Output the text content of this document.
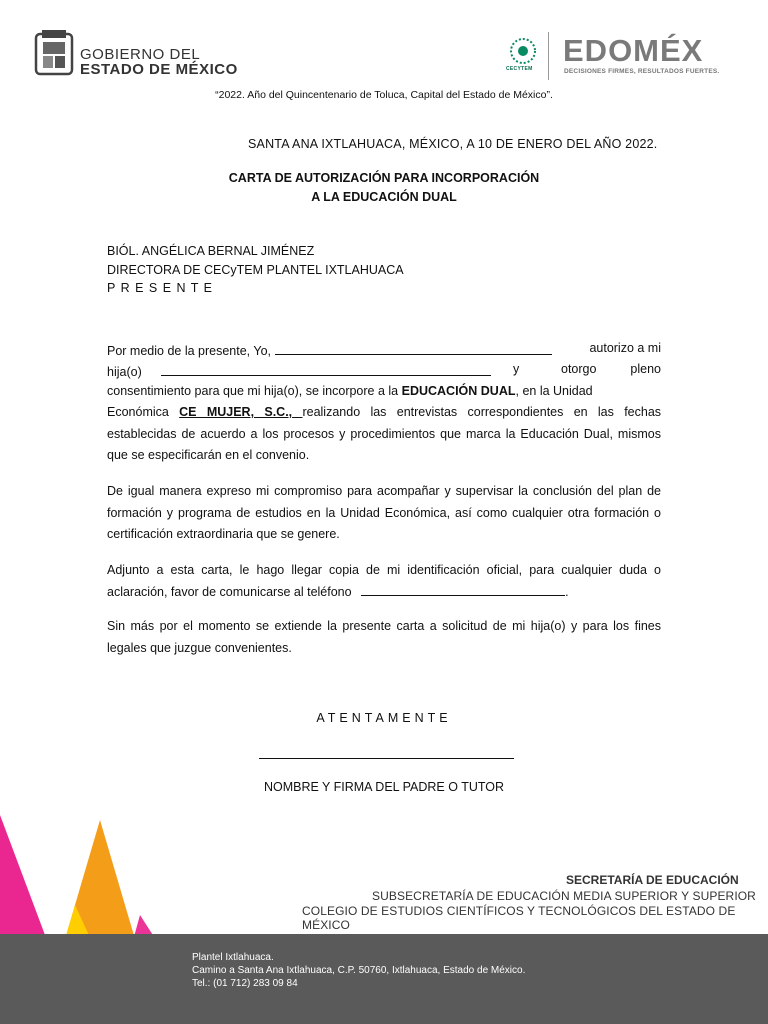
GOBIERNO DEL
ESTADO DE MÉXICO	CECYTEM
EDOMÉX
DECISIONES FIRMES, RESULTADOS FUERTES.
“2022. Año del Quincentenario de Toluca, Capital del Estado de México”.
SANTA ANA IXTLAHUACA, MÉXICO, A 10 DE ENERO DEL AÑO 2022.
CARTA DE AUTORIZACIÓN PARA INCORPORACIÓN
A LA EDUCACIÓN DUAL
BIÓL. ANGÉLICA BERNAL JIMÉNEZ
DIRECTORA DE CECyTEM PLANTEL IXTLAHUACA
P R E S E N T E
Por medio de la presente, Yo,	autorizo a mi
hija(o)	y	otorgo	pleno
consentimiento para que mi hija(o), se incorpore a la EDUCACIÓN DUAL, en la Unidad
Económica CE MUJER, S.C., realizando las entrevistas correspondientes en las fechas establecidas de acuerdo a los procesos y procedimientos que marca la Educación Dual, mismos que se especificarán en el convenio.
De igual manera expreso mi compromiso para acompañar y supervisar la conclusión del plan de formación y programa de estudios en la Unidad Económica, así como cualquier otra formación o certificación extraordinaria que se genere.
Adjunto a esta carta, le hago llegar copia de mi identificación oficial, para cualquier duda o aclaración, favor de comunicarse al teléfono	.
Sin más por el momento se extiende la presente carta a solicitud de mi hija(o) y para los fines legales que juzgue convenientes.
ATENTAMENTE
NOMBRE Y FIRMA DEL PADRE O TUTOR
SECRETARÍA DE EDUCACIÓN
SUBSECRETARÍA DE EDUCACIÓN MEDIA SUPERIOR Y SUPERIOR
COLEGIO DE ESTUDIOS CIENTÍFICOS Y TECNOLÓGICOS DEL ESTADO DE MÉXICO
Plantel Ixtlahuaca.
Camino a Santa Ana Ixtlahuaca, C.P. 50760, Ixtlahuaca, Estado de México.
Tel.: (01 712) 283 09 84
